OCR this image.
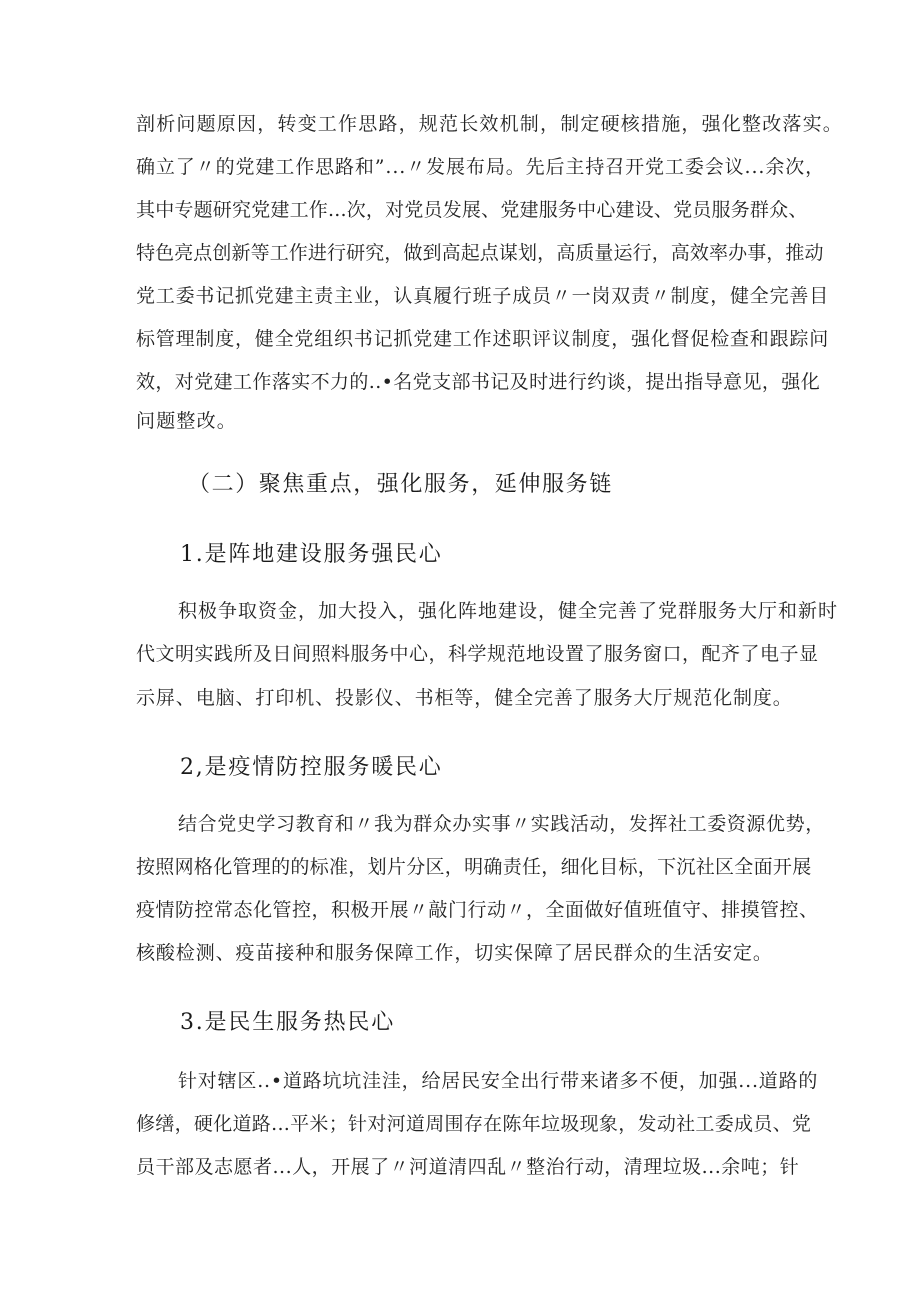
剖析问题原因，转变工作思路，规范长效机制，制定硬核措施，强化整改落实。
确立了〃的党建工作思路和”...〃发展布局。先后主持召开党工委会议...余次，
其中专题研究党建工作...次，对党员发展、党建服务中心建设、党员服务群众、
特色亮点创新等工作进行研究，做到高起点谋划，高质量运行，高效率办事，推动
党工委书记抓党建主责主业，认真履行班子成员〃一岗双责〃制度，健全完善目
标管理制度，健全党组织书记抓党建工作述职评议制度，强化督促检查和跟踪问
效，对党建工作落实不力的..•名党支部书记及时进行约谈，提出指导意见，强化
问题整改。
（二）聚焦重点，强化服务，延伸服务链
1.是阵地建设服务强民心
积极争取资金，加大投入，强化阵地建设，健全完善了党群服务大厅和新时
代文明实践所及日间照料服务中心，科学规范地设置了服务窗口，配齐了电子显
示屏、电脑、打印机、投影仪、书柜等，健全完善了服务大厅规范化制度。
2,是疫情防控服务暖民心
结合党史学习教育和〃我为群众办实事〃实践活动，发挥社工委资源优势，
按照网格化管理的的标准，划片分区，明确责任，细化目标，下沉社区全面开展
疫情防控常态化管控，积极开展〃敲门行动〃，全面做好值班值守、排摸管控、
核酸检测、疫苗接种和服务保障工作，切实保障了居民群众的生活安定。
3.是民生服务热民心
针对辖区..•道路坑坑洼洼，给居民安全出行带来诸多不便，加强...道路的
修缮，硬化道路...平米；针对河道周围存在陈年垃圾现象，发动社工委成员、党
员干部及志愿者...人，开展了〃河道清四乱〃整治行动，清理垃圾...余吨；针
